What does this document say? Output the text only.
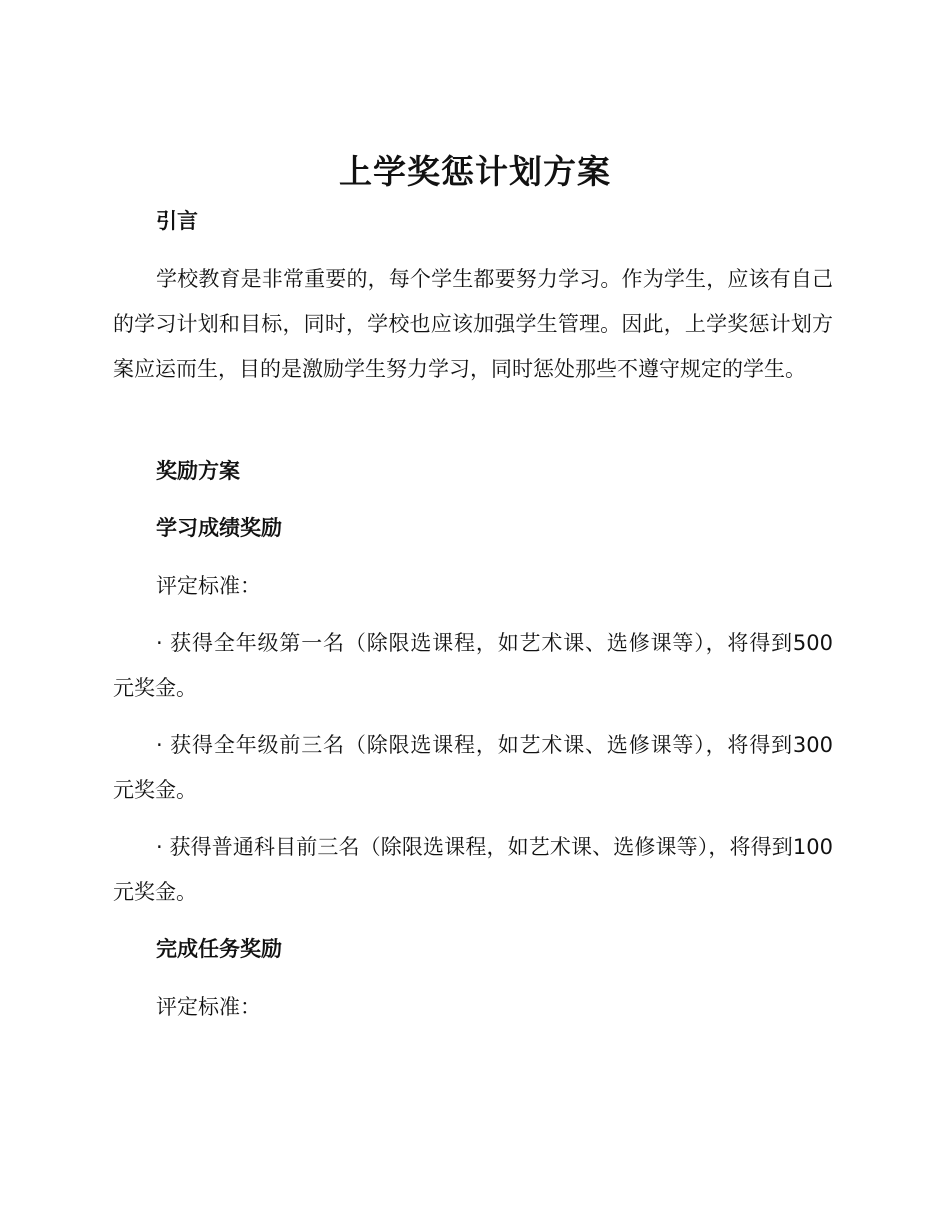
上学奖惩计划方案

引言

学校教育是非常重要的，每个学生都要努力学习。作为学生，应该有自己的学习计划和目标，同时，学校也应该加强学生管理。因此，上学奖惩计划方案应运而生，目的是激励学生努力学习，同时惩处那些不遵守规定的学生。

奖励方案

学习成绩奖励

评定标准：

· 获得全年级第一名（除限选课程，如艺术课、选修课等），将得到500 元奖金。

· 获得全年级前三名（除限选课程，如艺术课、选修课等），将得到300 元奖金。

· 获得普通科目前三名（除限选课程，如艺术课、选修课等），将得到100 元奖金。

完成任务奖励

评定标准：
